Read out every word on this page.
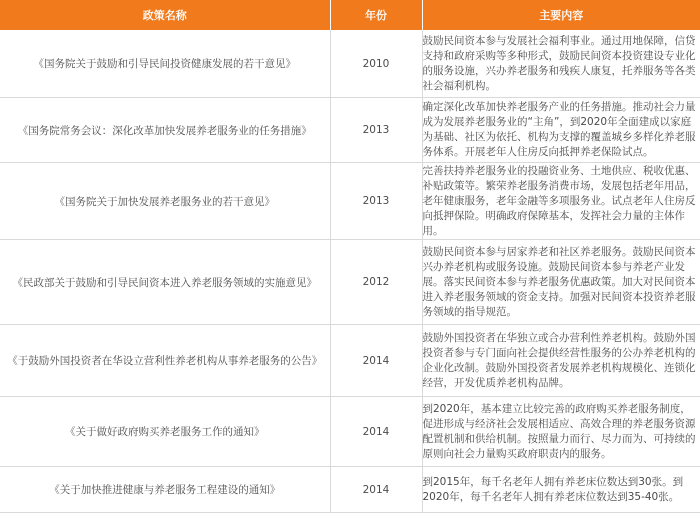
政策名称	年份	主要内容
《国务院关于鼓励和引导民间投资健康发展的若干意见》	2010	鼓励民间资本参与发展社会福利事业。通过用地保障，信贷支持和政府采购等多种形式，鼓励民间资本投资建设专业化的服务设施，兴办养老服务和残疾人康复，托养服务等各类社会福利机构。
《国务院常务会议：深化改革加快发展养老服务业的任务措施》	2013	确定深化改革加快养老服务产业的任务措施。推动社会力量成为发展养老服务业的“主角”，到2020年全面建成以家庭为基础、社区为依托、机构为支撑的覆盖城乡多样化养老服务体系。开展老年人住房反向抵押养老保险试点。
《国务院关于加快发展养老服务业的若干意见》	2013	完善扶持养老服务业的投融资业务、土地供应、税收优惠、补贴政策等。繁荣养老服务消费市场，发展包括老年用品，老年健康服务，老年金融等多项服务业。试点老年人住房反向抵押保险。明确政府保障基本，发挥社会力量的主体作用。
《民政部关于鼓励和引导民间资本进入养老服务领域的实施意见》	2012	鼓励民间资本参与居家养老和社区养老服务。鼓励民间资本兴办养老机构或服务设施。鼓励民间资本参与养老产业发展。落实民间资本参与养老服务优惠政策。加大对民间资本进入养老服务领域的资金支持。加强对民间资本投资养老服务领域的指导规范。
《于鼓励外国投资者在华设立营利性养老机构从事养老服务的公告》	2014	鼓励外国投资者在华独立或合办营利性养老机构。鼓励外国投资者参与专门面向社会提供经营性服务的公办养老机构的企业化改制。鼓励外国投资者发展养老机构规模化、连锁化经营，开发优质养老机构品牌。
《关于做好政府购买养老服务工作的通知》	2014	到2020年，基本建立比较完善的政府购买养老服务制度，促进形成与经济社会发展相适应、高效合理的养老服务资源配置机制和供给机制。按照量力而行、尽力而为、可持续的原则向社会力量购买政府职责内的服务。
《关于加快推进健康与养老服务工程建设的通知》	2014	到2015年，每千名老年人拥有养老床位数达到30张。到2020年，每千名老年人拥有养老床位数达到35-40张。
